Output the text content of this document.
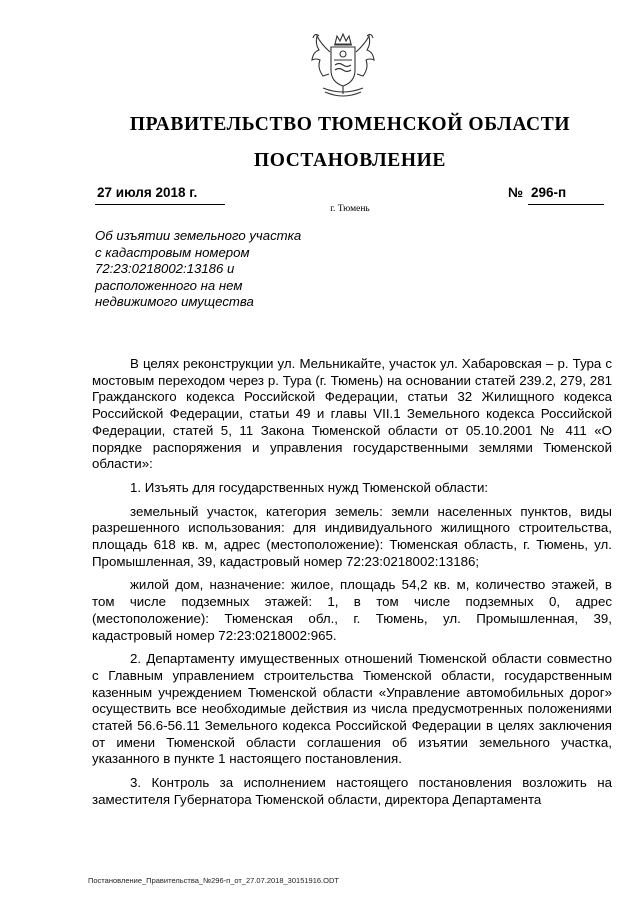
ПРАВИТЕЛЬСТВО ТЮМЕНСКОЙ ОБЛАСТИ
ПОСТАНОВЛЕНИЕ
27 июля 2018 г.	№ 296-п
г. Тюмень
Об изъятии земельного участка
с кадастровым номером
72:23:0218002:13186 и
расположенного на нем
недвижимого имущества

В целях реконструкции ул. Мельникайте, участок ул. Хабаровская – р. Тура с мостовым переходом через р. Тура (г. Тюмень) на основании статей 239.2, 279, 281 Гражданского кодекса Российской Федерации, статьи 32 Жилищного кодекса Российской Федерации, статьи 49 и главы VII.1 Земельного кодекса Российской Федерации, статей 5, 11 Закона Тюменской области от 05.10.2001 № 411 «О порядке распоряжения и управления государственными землями Тюменской области»:

1. Изъять для государственных нужд Тюменской области:

земельный участок, категория земель: земли населенных пунктов, виды разрешенного использования: для индивидуального жилищного строительства, площадь 618 кв. м, адрес (местоположение): Тюменская область, г. Тюмень, ул. Промышленная, 39, кадастровый номер 72:23:0218002:13186;

жилой дом, назначение: жилое, площадь 54,2 кв. м, количество этажей, в том числе подземных этажей: 1, в том числе подземных 0, адрес (местоположение): Тюменская обл., г. Тюмень, ул. Промышленная, 39, кадастровый номер 72:23:0218002:965.

2. Департаменту имущественных отношений Тюменской области совместно с Главным управлением строительства Тюменской области, государственным казенным учреждением Тюменской области «Управление автомобильных дорог» осуществить все необходимые действия из числа предусмотренных положениями статей 56.6-56.11 Земельного кодекса Российской Федерации в целях заключения от имени Тюменской области соглашения об изъятии земельного участка, указанного в пункте 1 настоящего постановления.

3. Контроль за исполнением настоящего постановления возложить на заместителя Губернатора Тюменской области, директора Департамента

Постановление_Правительства_№296-п_от_27.07.2018_30151916.ODT
